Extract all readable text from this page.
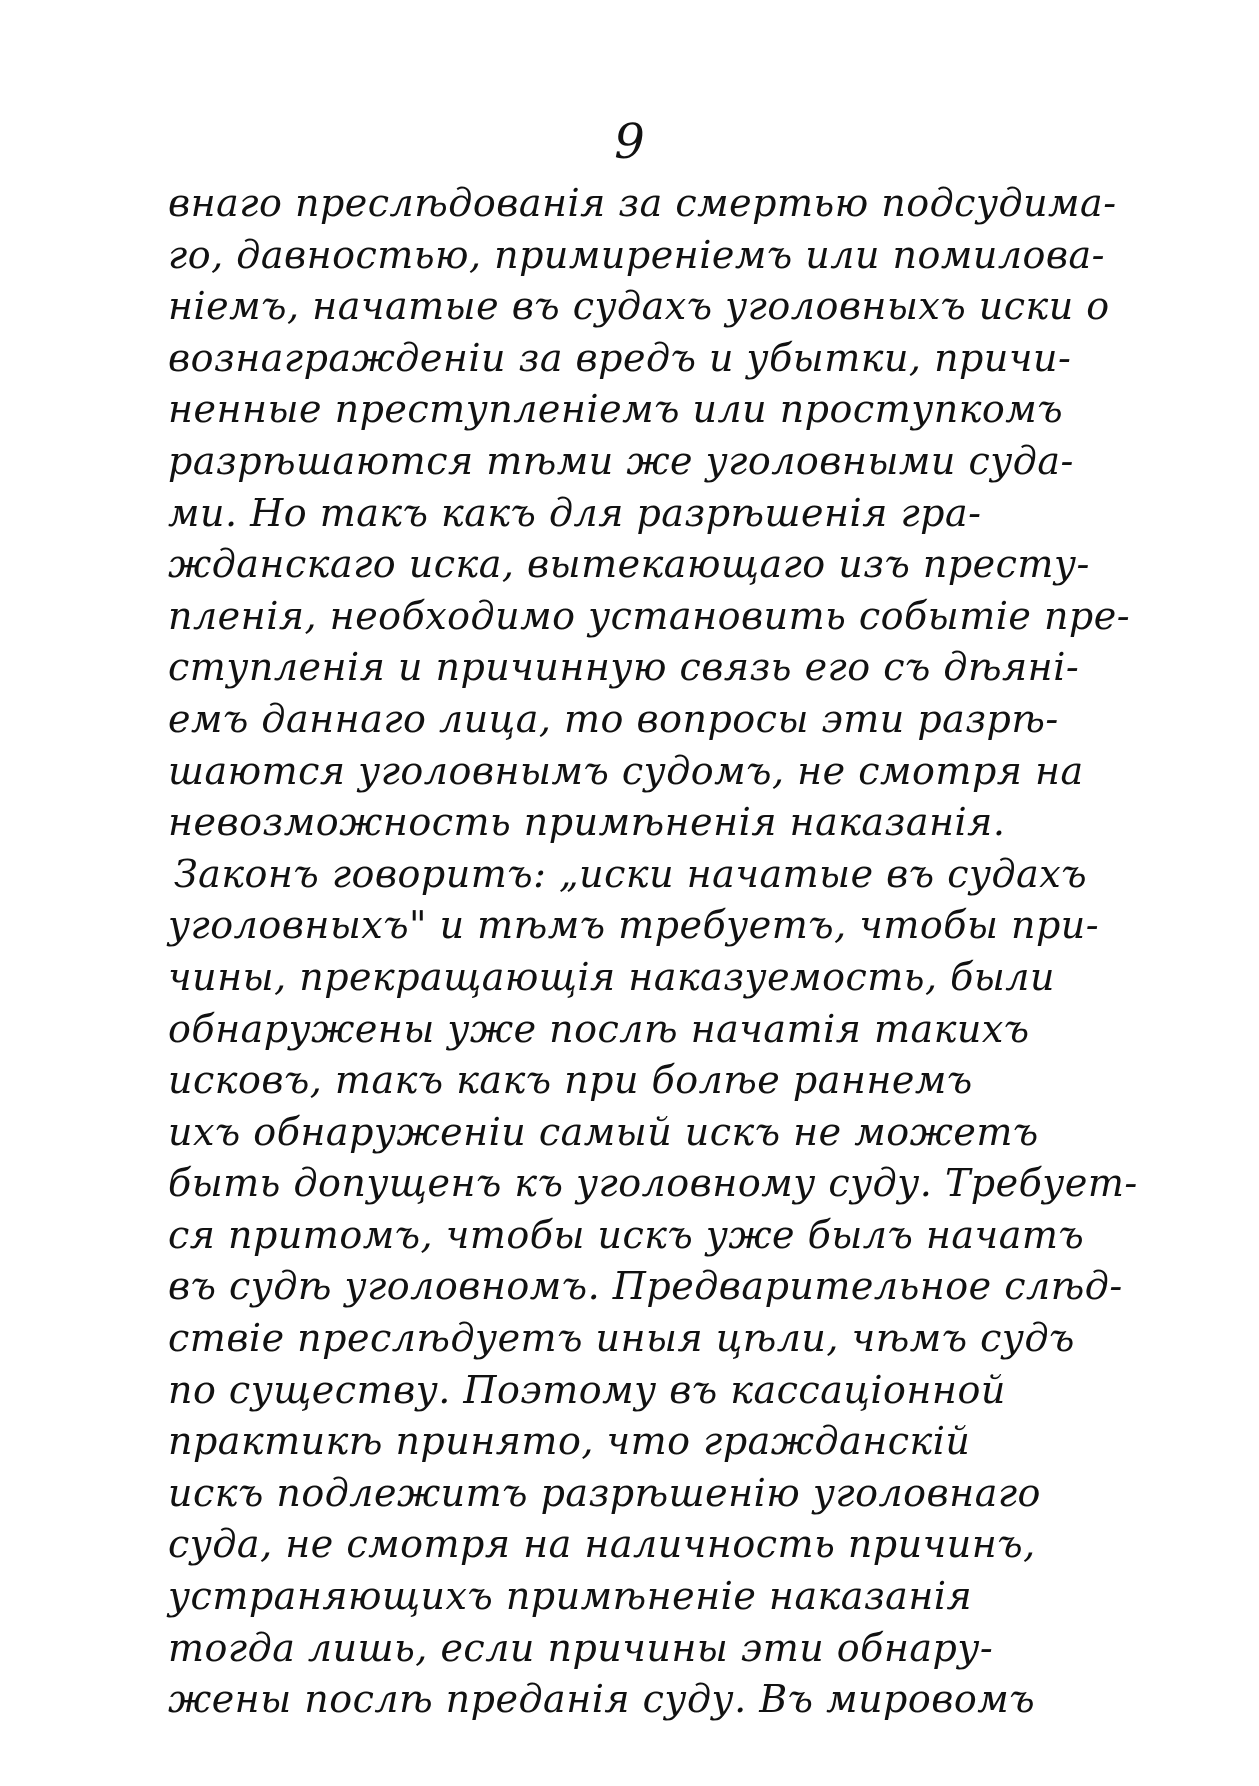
9
внаго преслѣдованія за смертью подсудима-
го, давностью, примиреніемъ или помилова-
ніемъ, начатые въ судахъ уголовныхъ иски о
вознагражденіи за вредъ и убытки, причи-
ненные преступленіемъ или проступкомъ
разрѣшаются тѣми же уголовными суда-
ми. Но такъ какъ для разрѣшенія гра-
жданскаго иска, вытекающаго изъ престу-
пленія, необходимо установить событіе пре-
ступленія и причинную связь его съ дѣяні-
емъ даннаго лица, то вопросы эти разрѣ-
шаются уголовнымъ судомъ, не смотря на
невозможность примѣненія наказанія.
Законъ говоритъ: „иски начатые въ судахъ
уголовныхъ" и тѣмъ требуетъ, чтобы при-
чины, прекращающія наказуемость, были
обнаружены уже послѣ начатія такихъ
исковъ, такъ какъ при болѣе раннемъ
ихъ обнаруженіи самый искъ не можетъ
быть допущенъ къ уголовному суду. Требует-
ся притомъ, чтобы искъ уже былъ начатъ
въ судѣ уголовномъ. Предварительное слѣд-
ствіе преслѣдуетъ иныя цѣли, чѣмъ судъ
по существу. Поэтому въ кассаціонной
практикѣ принято, что гражданскій
искъ подлежитъ разрѣшенію уголовнаго
суда, не смотря на наличность причинъ,
устраняющихъ примѣненіе наказанія
тогда лишь, если причины эти обнару-
жены послѣ преданія суду. Въ мировомъ
